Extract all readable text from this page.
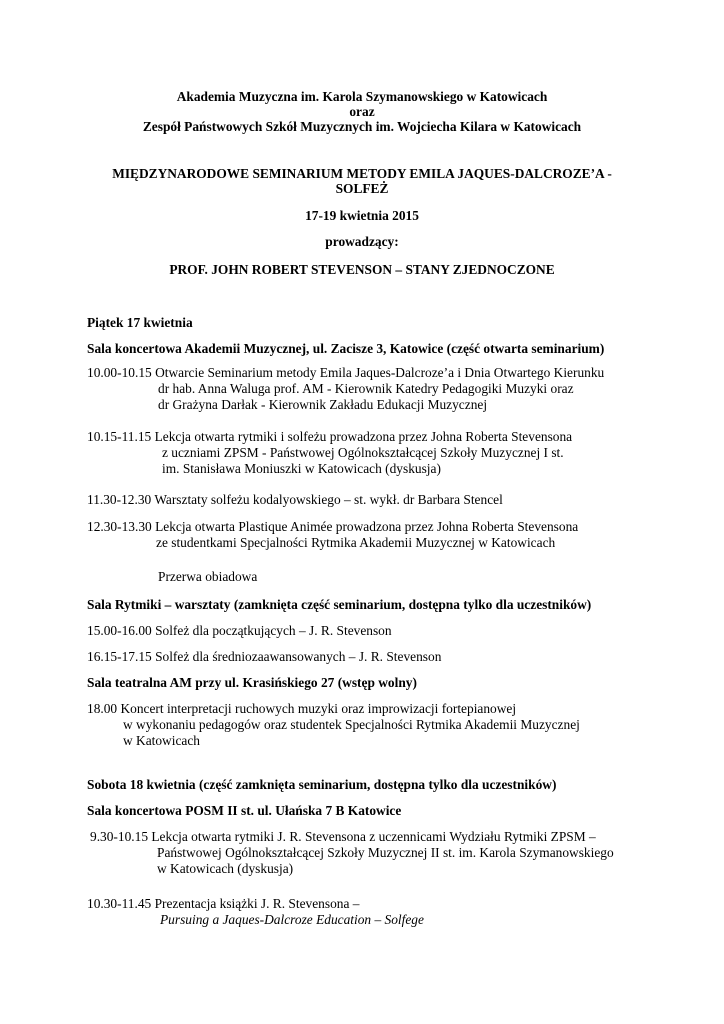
Akademia Muzyczna im. Karola Szymanowskiego w Katowicach
oraz
Zespół Państwowych Szkół Muzycznych im. Wojciecha Kilara w Katowicach
MIĘDZYNARODOWE SEMINARIUM METODY EMILA JAQUES-DALCROZE’A -
SOLFEŻ
17-19 kwietnia 2015
prowadzący:
PROF. JOHN ROBERT STEVENSON – STANY ZJEDNOCZONE
Piątek 17 kwietnia
Sala koncertowa Akademii Muzycznej, ul. Zacisze 3, Katowice (część otwarta seminarium)
10.00-10.15 Otwarcie Seminarium metody Emila Jaques-Dalcroze’a i Dnia Otwartego Kierunku
dr hab. Anna Waluga prof. AM - Kierownik Katedry Pedagogiki Muzyki oraz
dr Grażyna Darłak - Kierownik Zakładu Edukacji Muzycznej
10.15-11.15 Lekcja otwarta rytmiki i solfeżu prowadzona przez Johna Roberta Stevensona
z uczniami ZPSM - Państwowej Ogólnokształcącej Szkoły Muzycznej I st.
im. Stanisława Moniuszki w Katowicach (dyskusja)
11.30-12.30 Warsztaty solfeżu kodalyowskiego – st. wykł. dr Barbara Stencel
12.30-13.30 Lekcja otwarta Plastique Animée prowadzona przez Johna Roberta Stevensona
ze studentkami Specjalności Rytmika Akademii Muzycznej w Katowicach
Przerwa obiadowa
Sala Rytmiki – warsztaty (zamknięta część seminarium, dostępna tylko dla uczestników)
15.00-16.00 Solfeż dla początkujących – J. R. Stevenson
16.15-17.15 Solfeż dla średniozaawansowanych – J. R. Stevenson
Sala teatralna AM przy ul. Krasińskiego 27 (wstęp wolny)
18.00 Koncert interpretacji ruchowych muzyki oraz improwizacji fortepianowej
w wykonaniu pedagogów oraz studentek Specjalności Rytmika Akademii Muzycznej
w Katowicach
Sobota 18 kwietnia (część zamknięta seminarium, dostępna tylko dla uczestników)
Sala koncertowa POSM II st. ul. Ułańska 7 B Katowice
9.30-10.15 Lekcja otwarta rytmiki J. R. Stevensona z uczennicami Wydziału Rytmiki ZPSM –
Państwowej Ogólnokształcącej Szkoły Muzycznej II st. im. Karola Szymanowskiego
w Katowicach (dyskusja)
10.30-11.45 Prezentacja książki J. R. Stevensona –
Pursuing a Jaques-Dalcroze Education – Solfege
